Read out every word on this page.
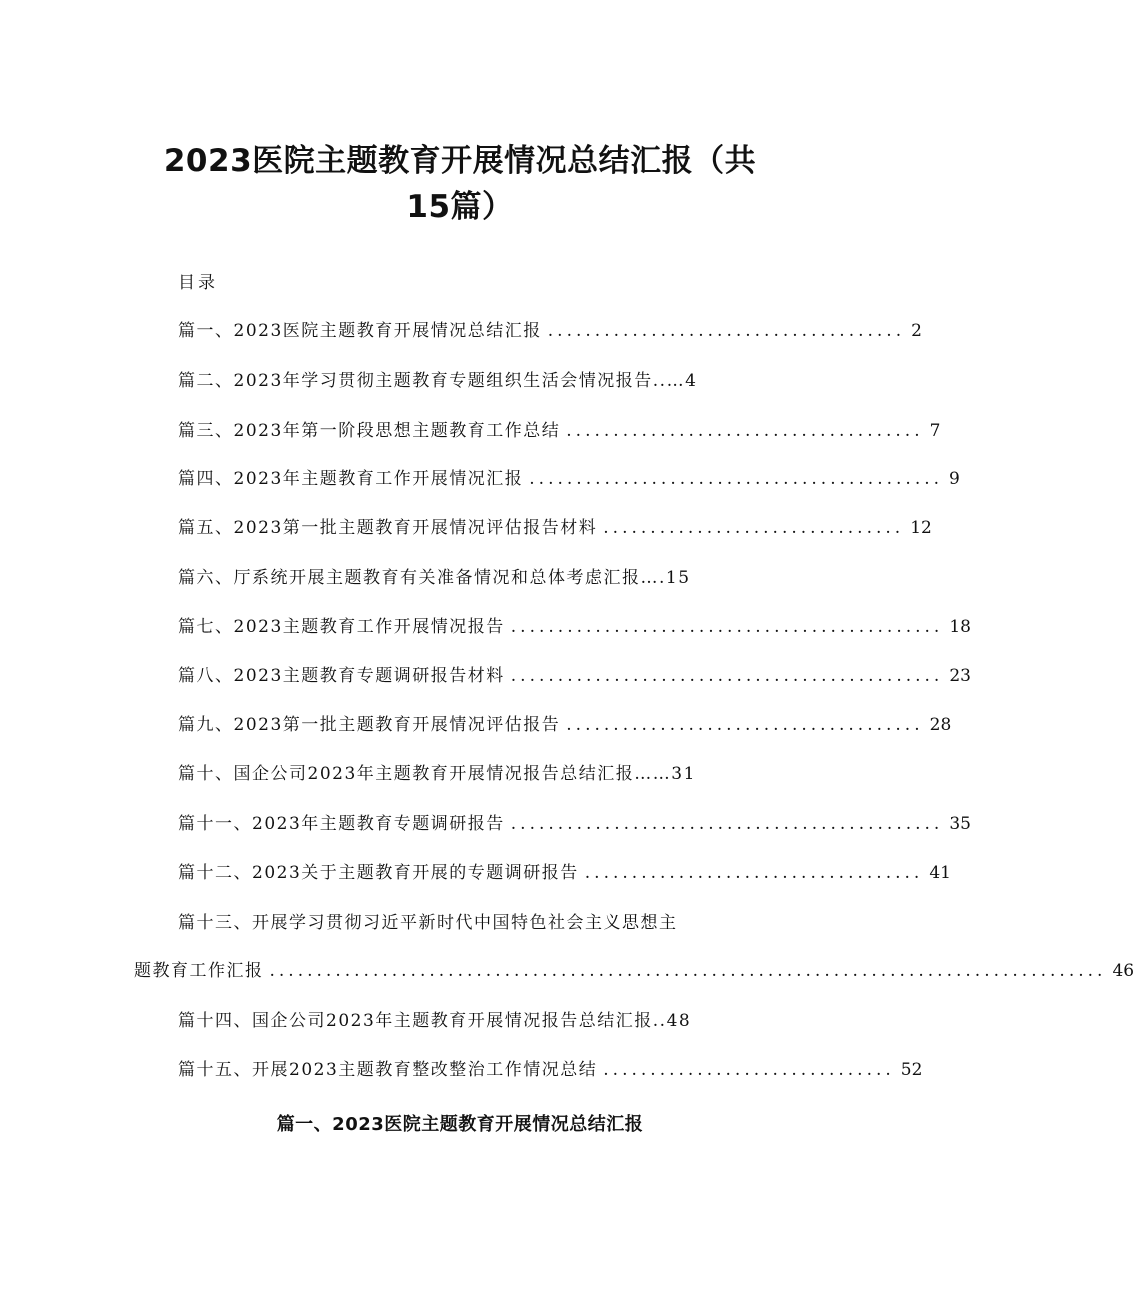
2023医院主题教育开展情况总结汇报（共
15篇）
目录
篇一、2023医院主题教育开展情况总结汇报 ...................................... 2
篇二、2023年学习贯彻主题教育专题组织生活会情况报告..…4
篇三、2023年第一阶段思想主题教育工作总结 ...................................... 7
篇四、2023年主题教育工作开展情况汇报 ............................................ 9
篇五、2023第一批主题教育开展情况评估报告材料 ................................ 12
篇六、厅系统开展主题教育有关准备情况和总体考虑汇报….15
篇七、2023主题教育工作开展情况报告 .............................................. 18
篇八、2023主题教育专题调研报告材料 .............................................. 23
篇九、2023第一批主题教育开展情况评估报告 ...................................... 28
篇十、国企公司2023年主题教育开展情况报告总结汇报……31
篇十一、2023年主题教育专题调研报告 .............................................. 35
篇十二、2023关于主题教育开展的专题调研报告 .................................... 41
篇十三、开展学习贯彻习近平新时代中国特色社会主义思想主
题教育工作汇报 ......................................................................................... 46
篇十四、国企公司2023年主题教育开展情况报告总结汇报..48
篇十五、开展2023主题教育整改整治工作情况总结 ............................... 52
篇一、2023医院主题教育开展情况总结汇报
